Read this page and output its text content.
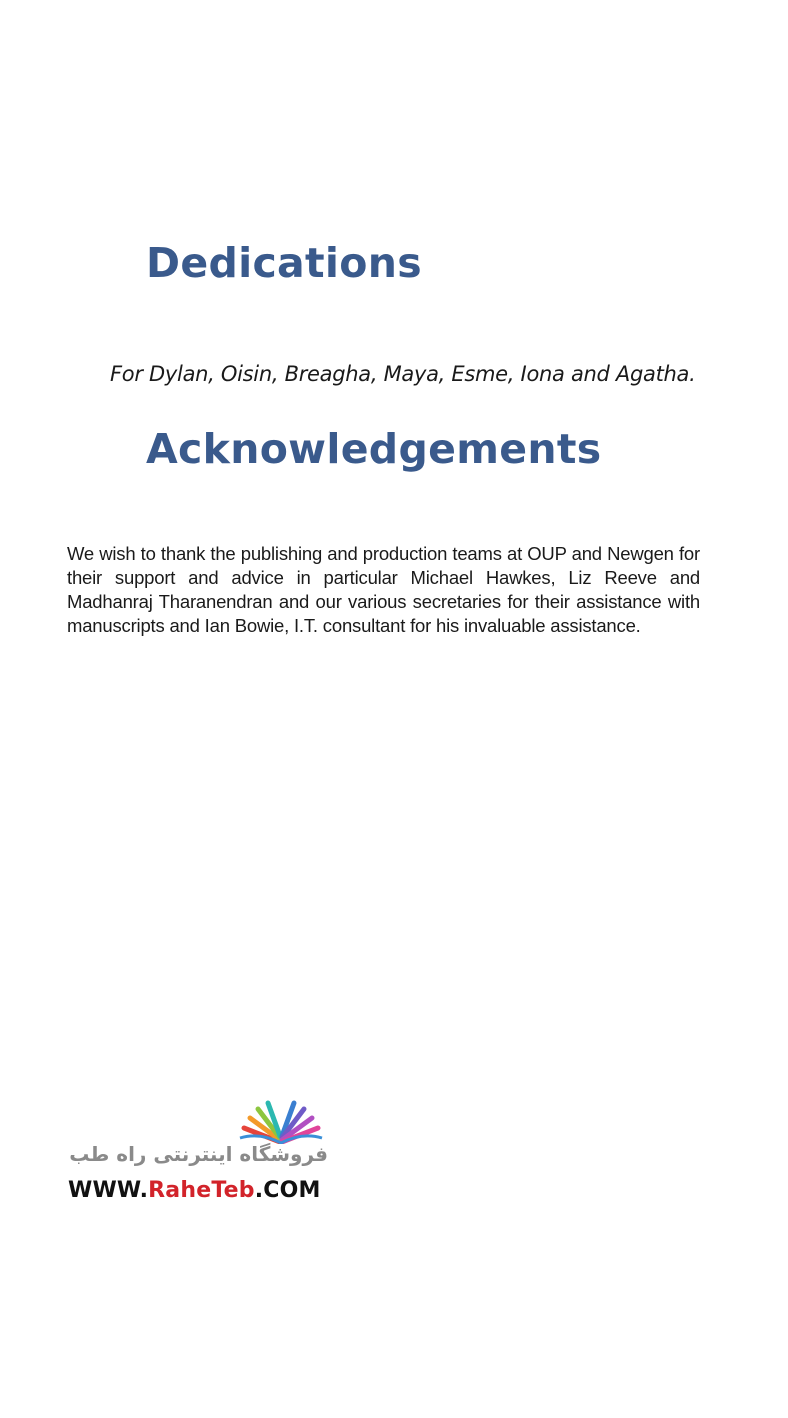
Dedications
For Dylan, Oisin, Breagha, Maya, Esme, Iona and Agatha.
Acknowledgements

We wish to thank the publishing and production teams at OUP and Newgen for their support and advice in particular Michael Hawkes, Liz Reeve and Madhanraj Tharanendran and our various secretaries for their assistance with manuscripts and Ian Bowie, I.T. consultant for his invaluable assistance.

فروشگاه اینترنتی راه طب
WWW.RaheTeb.COM
